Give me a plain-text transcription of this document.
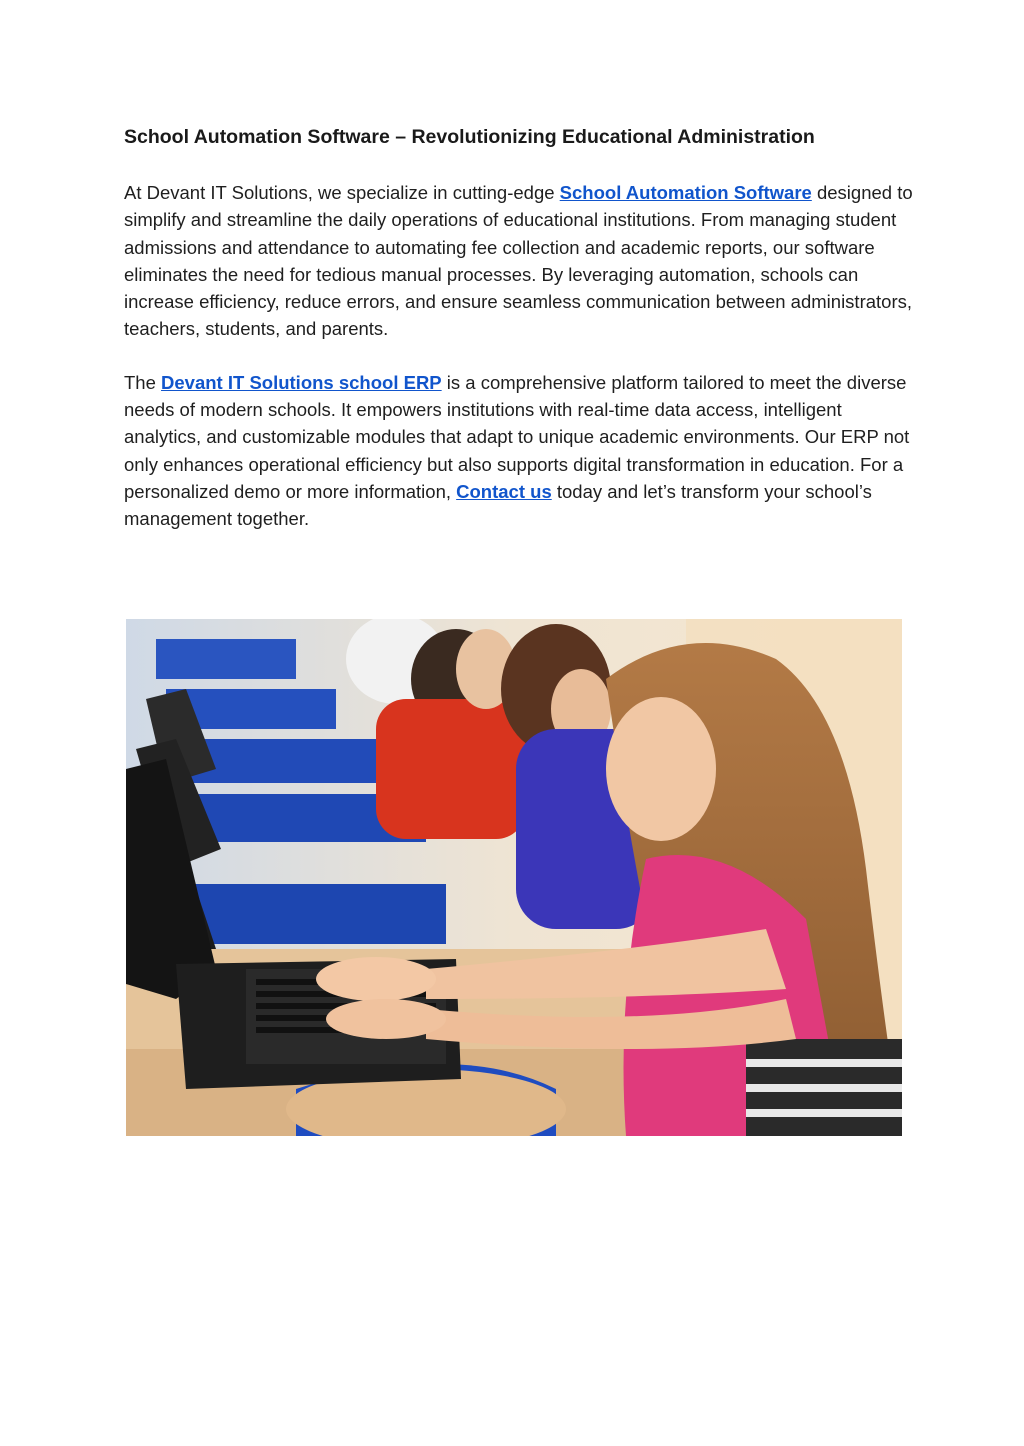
School Automation Software – Revolutionizing Educational Administration

At Devant IT Solutions, we specialize in cutting-edge School Automation Software designed to simplify and streamline the daily operations of educational institutions. From managing student admissions and attendance to automating fee collection and academic reports, our software eliminates the need for tedious manual processes. By leveraging automation, schools can increase efficiency, reduce errors, and ensure seamless communication between administrators, teachers, students, and parents.

The Devant IT Solutions school ERP is a comprehensive platform tailored to meet the diverse needs of modern schools. It empowers institutions with real-time data access, intelligent analytics, and customizable modules that adapt to unique academic environments. Our ERP not only enhances operational efficiency but also supports digital transformation in education. For a personalized demo or more information, Contact us today and let’s transform your school’s management together.
